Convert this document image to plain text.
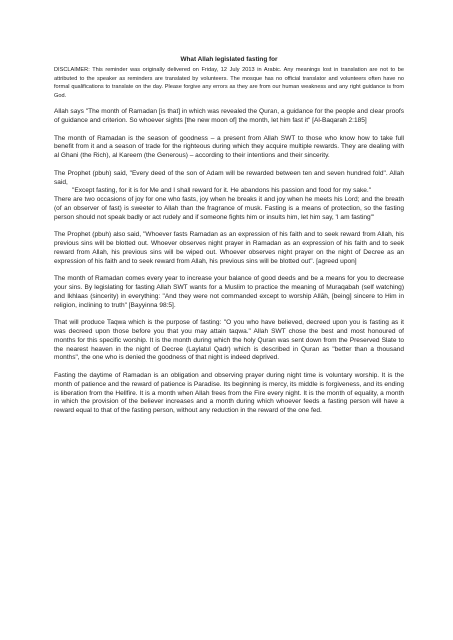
What Allah legislated fasting for

DISCLAIMER: This reminder was originally delivered on Friday, 12 July 2013 in Arabic. Any meanings lost in translation are not to be attributed to the speaker as reminders are translated by volunteers. The mosque has no official translator and volunteers often have no formal qualifications to translate on the day. Please forgive any errors as they are from our human weakness and any right guidance is from God.

Allah says "The month of Ramadan [is that] in which was revealed the Quran, a guidance for the people and clear proofs of guidance and criterion. So whoever sights [the new moon of] the month, let him fast it" [Al-Baqarah 2:185]

The month of Ramadan is the season of goodness – a present from Allah SWT to those who know how to take full benefit from it and a season of trade for the righteous during which they acquire multiple rewards. They are dealing with al Ghani (the Rich), al Kareem (the Generous) – according to their intentions and their sincerity.

The Prophet (pbuh) said, "Every deed of the son of Adam will be rewarded between ten and seven hundred fold". Allah said,

"Except fasting, for it is for Me and I shall reward for it. He abandons his passion and food for my sake."

There are two occasions of joy for one who fasts, joy when he breaks it and joy when he meets his Lord; and the breath (of an observer of fast) is sweeter to Allah than the fragrance of musk. Fasting is a means of protection, so the fasting person should not speak badly or act rudely and if someone fights him or insults him, let him say, 'I am fasting'"

The Prophet (pbuh) also said, "Whoever fasts Ramadan as an expression of his faith and to seek reward from Allah, his previous sins will be blotted out. Whoever observes night prayer in Ramadan as an expression of his faith and to seek reward from Allah, his previous sins will be wiped out. Whoever observes night prayer on the night of Decree as an expression of his faith and to seek reward from Allah, his previous sins will be blotted out". [agreed upon]

The month of Ramadan comes every year to increase your balance of good deeds and be a means for you to decrease your sins. By legislating for fasting Allah SWT wants for a Muslim to practice the meaning of Muraqabah (self watching) and Ikhlaas (sincerity) in everything: "And they were not commanded except to worship Allāh, [being] sincere to Him in religion, inclining to truth" [Bayyinna 98:5].

That will produce Taqwa which is the purpose of fasting: "O you who have believed, decreed upon you is fasting as it was decreed upon those before you that you may attain taqwa." Allah SWT chose the best and most honoured of months for this specific worship. It is the month during which the holy Quran was sent down from the Preserved Slate to the nearest heaven in the night of Decree (Laylatul Qadr) which is described in Quran as "better than a thousand months", the one who is denied the goodness of that night is indeed deprived.

Fasting the daytime of Ramadan is an obligation and observing prayer during night time is voluntary worship. It is the month of patience and the reward of patience is Paradise. Its beginning is mercy, its middle is forgiveness, and its ending is liberation from the Hellfire. It is a month when Allah frees from the Fire every night. It is the month of equality, a month in which the provision of the believer increases and a month during which whoever feeds a fasting person will have a reward equal to that of the fasting person, without any reduction in the reward of the one fed.
